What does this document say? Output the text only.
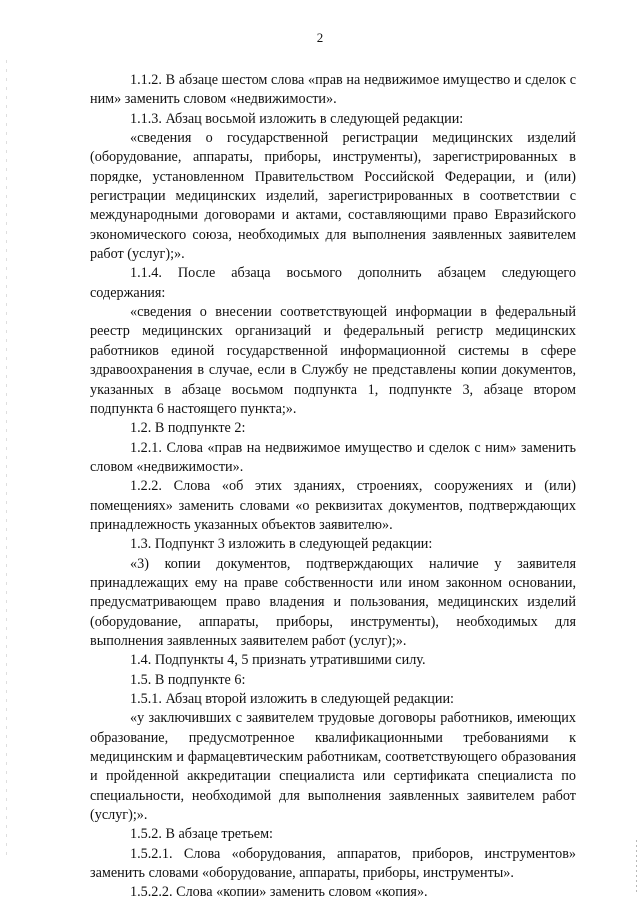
2

1.1.2. В абзаце шестом слова «прав на недвижимое имущество и сделок с ним» заменить словом «недвижимости».

1.1.3. Абзац восьмой изложить в следующей редакции:

«сведения о государственной регистрации медицинских изделий (оборудование, аппараты, приборы, инструменты), зарегистрированных в порядке, установленном Правительством Российской Федерации, и (или) регистрации медицинских изделий, зарегистрированных в соответствии с международными договорами и актами, составляющими право Евразийского экономического союза, необходимых для выполнения заявленных заявителем работ (услуг);».

1.1.4. После абзаца восьмого дополнить абзацем следующего содержания:

«сведения о внесении соответствующей информации в федеральный реестр медицинских организаций и федеральный регистр медицинских работников единой государственной информационной системы в сфере здравоохранения в случае, если в Службу не представлены копии документов, указанных в абзаце восьмом подпункта 1, подпункте 3, абзаце втором подпункта 6 настоящего пункта;».

1.2. В подпункте 2:

1.2.1. Слова «прав на недвижимое имущество и сделок с ним» заменить словом «недвижимости».

1.2.2. Слова «об этих зданиях, строениях, сооружениях и (или) помещениях» заменить словами «о реквизитах документов, подтверждающих принадлежность указанных объектов заявителю».

1.3. Подпункт 3 изложить в следующей редакции:

«3) копии документов, подтверждающих наличие у заявителя принадлежащих ему на праве собственности или ином законном основании, предусматривающем право владения и пользования, медицинских изделий (оборудование, аппараты, приборы, инструменты), необходимых для выполнения заявленных заявителем работ (услуг);».

1.4. Подпункты 4, 5 признать утратившими силу.

1.5. В подпункте 6:

1.5.1. Абзац второй изложить в следующей редакции:

«у заключивших с заявителем трудовые договоры работников, имеющих образование, предусмотренное квалификационными требованиями к медицинским и фармацевтическим работникам, соответствующего образования и пройденной аккредитации специалиста или сертификата специалиста по специальности, необходимой для выполнения заявленных заявителем работ (услуг);».

1.5.2. В абзаце третьем:

1.5.2.1. Слова «оборудования, аппаратов, приборов, инструментов» заменить словами «оборудование, аппараты, приборы, инструменты».

1.5.2.2. Слова «копии» заменить словом «копия».
